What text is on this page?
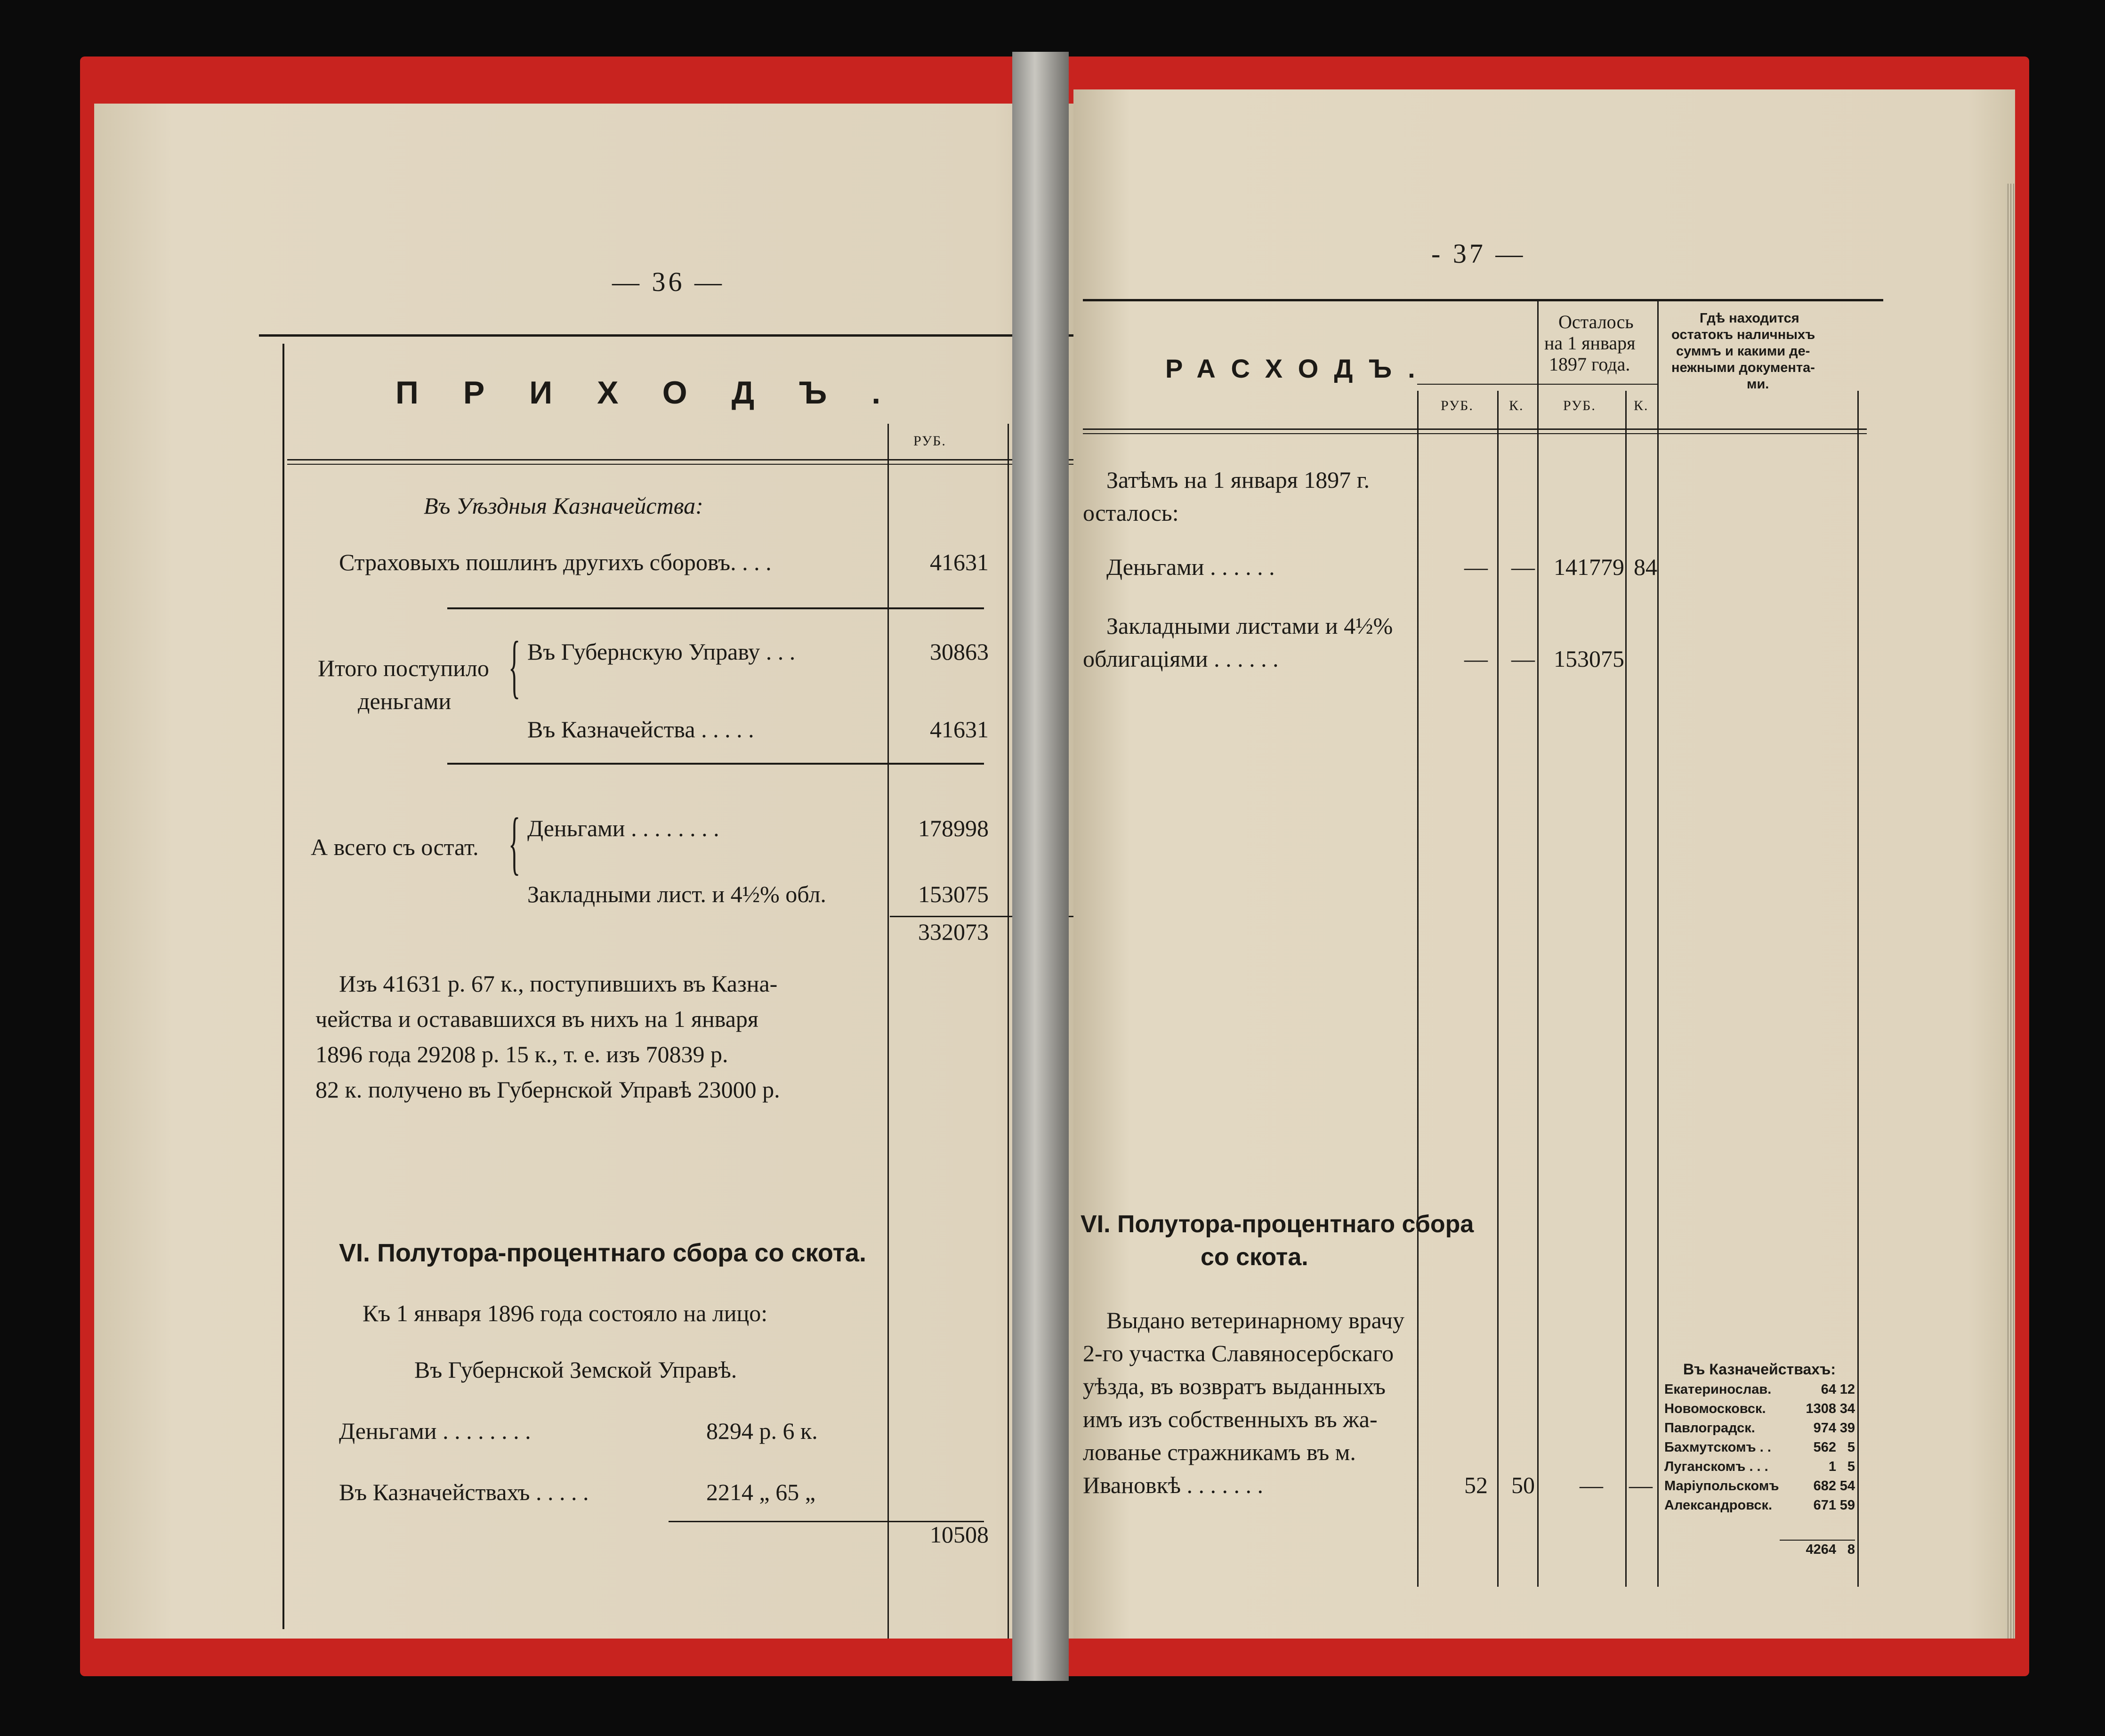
— 36 —
ПРИХОДЪ.
РУБ.
Въ Уѣздныя Казначейства:
Страховыхъ пошлинъ другихъ сборовъ. . . .	41631
Итого поступило
деньгами { Въ Губернскую Управу . . .	30863
Въ Казначейства . . . . .	41631
А всего съ остат. { Деньгами . . . . . . . .	178998
Закладными лист. и 4½% обл.	153075
332073
Изъ 41631 р. 67 к., поступившихъ въ Казна-
чейства и остававшихся въ нихъ на 1 января
1896 года 29208 р. 15 к., т. е. изъ 70839 р.
82 к. получено въ Губернской Управѣ 23000 р.
VI. Полутора-процентнаго сбора со скота.
Къ 1 января 1896 года состояло на лицо:
Въ Губернской Земской Управѣ.
Деньгами . . . . . . . .	8294 р. 6 к.
Въ Казначействахъ . . . . .	2214 „ 65 „
10508
- 37 —
РАСХОДЪ.
Осталось
на 1 января
1897 года.
Гдѣ находится
остатокъ наличныхъ
суммъ и какими де-
нежными документа-
ми.
РУБ.	К.	РУБ.	К.
Затѣмъ на 1 января 1897 г.
осталось:
Деньгами . . . . . .	—	— 141779 84
Закладными листами и 4½%
облигаціями . . . . . .	—	— 153075
VI. Полутора-процентнаго сбора
со скота.
Выдано ветеринарному врачу
2-го участка Славяносербскаго
уѣзда, въ возвратъ выданныхъ
имъ изъ собственныхъ въ жа-
лованье стражникамъ въ м.
Ивановкѣ . . . . . . .	52	50	— —
Въ Казначействахъ:
Екатеринослав.	64 12
Новомосковск.	1308 34
Павлоградск.	974 39
Бахмутскомъ . .	562 5
Луганскомъ . . .	1 5
Маріупольскомъ	682 54
Александровск.	671 59
4264 8
